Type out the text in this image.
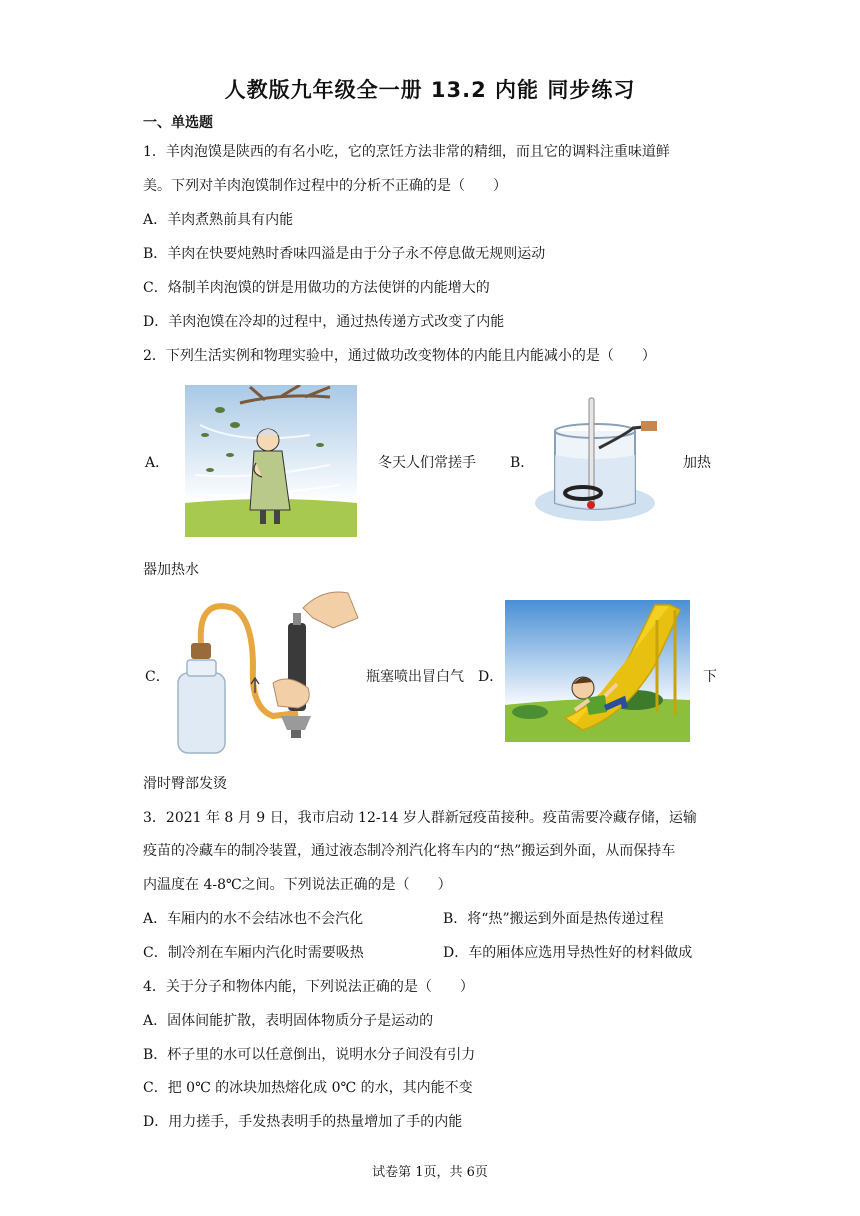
人教版九年级全一册 13.2 内能 同步练习
一、单选题
1．羊肉泡馍是陕西的有名小吃，它的烹饪方法非常的精细，而且它的调料注重味道鲜
美。下列对羊肉泡馍制作过程中的分析不正确的是（　　）
A．羊肉煮熟前具有内能
B．羊肉在快要炖熟时香味四溢是由于分子永不停息做无规则运动
C．烙制羊肉泡馍的饼是用做功的方法使饼的内能增大的
D．羊肉泡馍在冷却的过程中，通过热传递方式改变了内能
2．下列生活实例和物理实验中，通过做功改变物体的内能且内能减小的是（　　）
A．	冬天人们常搓手 B．	加热
器加热水
C．	瓶塞喷出冒白气 D．	下
滑时臀部发烫
3．2021 年 8 月 9 日，我市启动 12-14 岁人群新冠疫苗接种。疫苗需要冷藏存储，运输
疫苗的冷藏车的制冷装置，通过液态制冷剂汽化将车内的“热”搬运到外面，从而保持车
内温度在 4-8℃之间。下列说法正确的是（　　）
A．车厢内的水不会结冰也不会汽化	B．将“热”搬运到外面是热传递过程
C．制冷剂在车厢内汽化时需要吸热	D．车的厢体应选用导热性好的材料做成
4．关于分子和物体内能，下列说法正确的是（　　）
A．固体间能扩散，表明固体物质分子是运动的
B．杯子里的水可以任意倒出，说明水分子间没有引力
C．把 0℃ 的冰块加热熔化成 0℃ 的水，其内能不变
D．用力搓手，手发热表明手的热量增加了手的内能
试卷第 1页，共 6页
